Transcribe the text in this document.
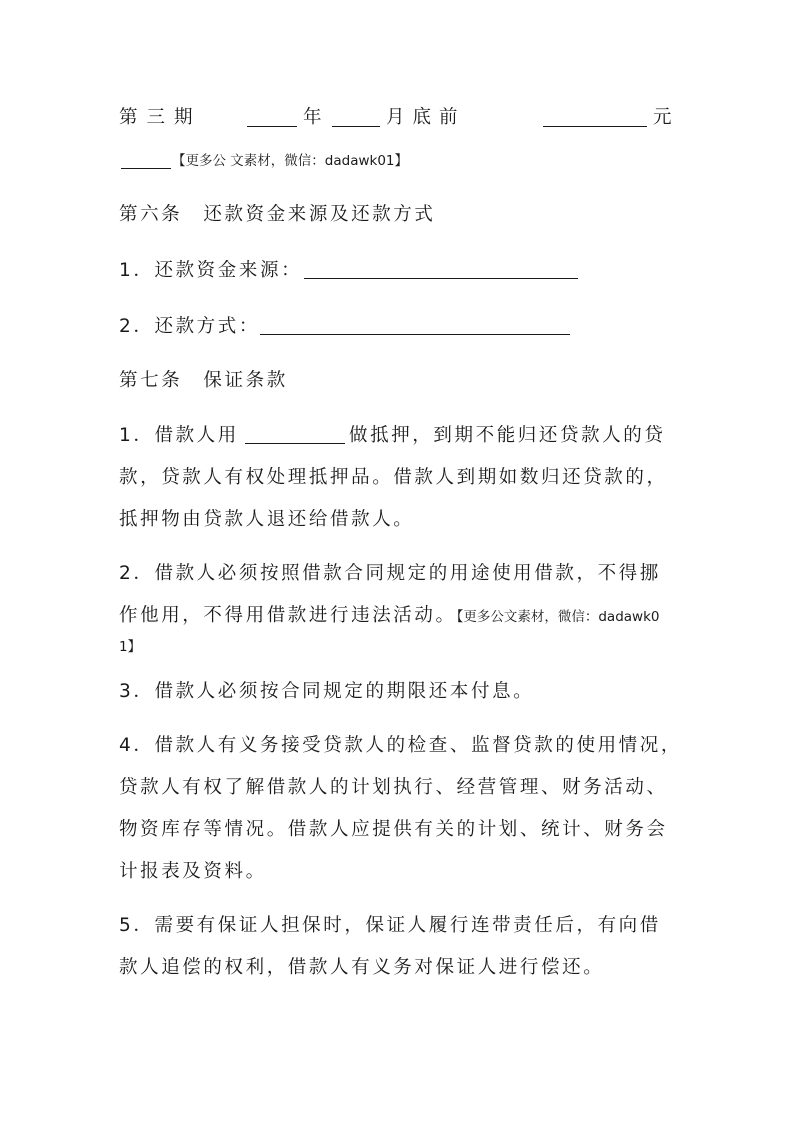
第三期	年	月底前	元
【更多公 文素材，微信：dadawk01】

第六条　还款资金来源及还款方式

1．还款资金来源：

2．还款方式：

第七条　保证条款

1．借款人用	做抵押，到期不能归还贷款人的贷

款，贷款人有权处理抵押品。借款人到期如数归还贷款的，

抵押物由贷款人退还给借款人。

2．借款人必须按照借款合同规定的用途使用借款，不得挪

作他用，不得用借款进行违法活动。【更多公文素材，微信：dadawk0

1】

3．借款人必须按合同规定的期限还本付息。

4．借款人有义务接受贷款人的检查、监督贷款的使用情况，

贷款人有权了解借款人的计划执行、经营管理、财务活动、

物资库存等情况。借款人应提供有关的计划、统计、财务会

计报表及资料。

5．需要有保证人担保时，保证人履行连带责任后，有向借

款人追偿的权利，借款人有义务对保证人进行偿还。
